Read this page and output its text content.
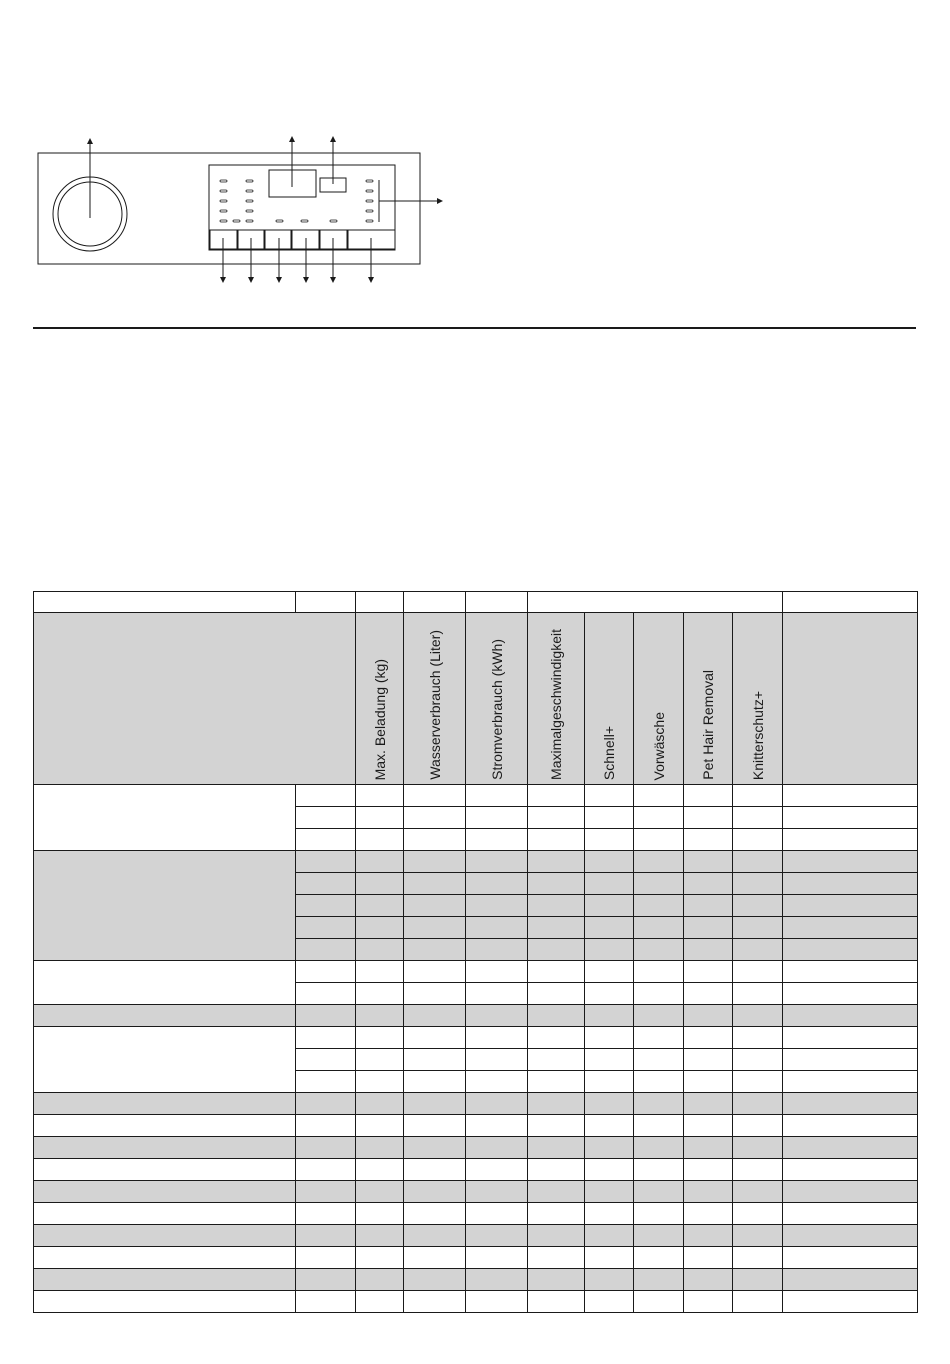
		Max. Beladung (kg)	Wasserverbrauch (Liter)	Stromverbrauch (kWh)	Maximalgeschwindigkeit	Schnell+	Vorwäsche	Pet Hair Removal	Knitterschutz+	
